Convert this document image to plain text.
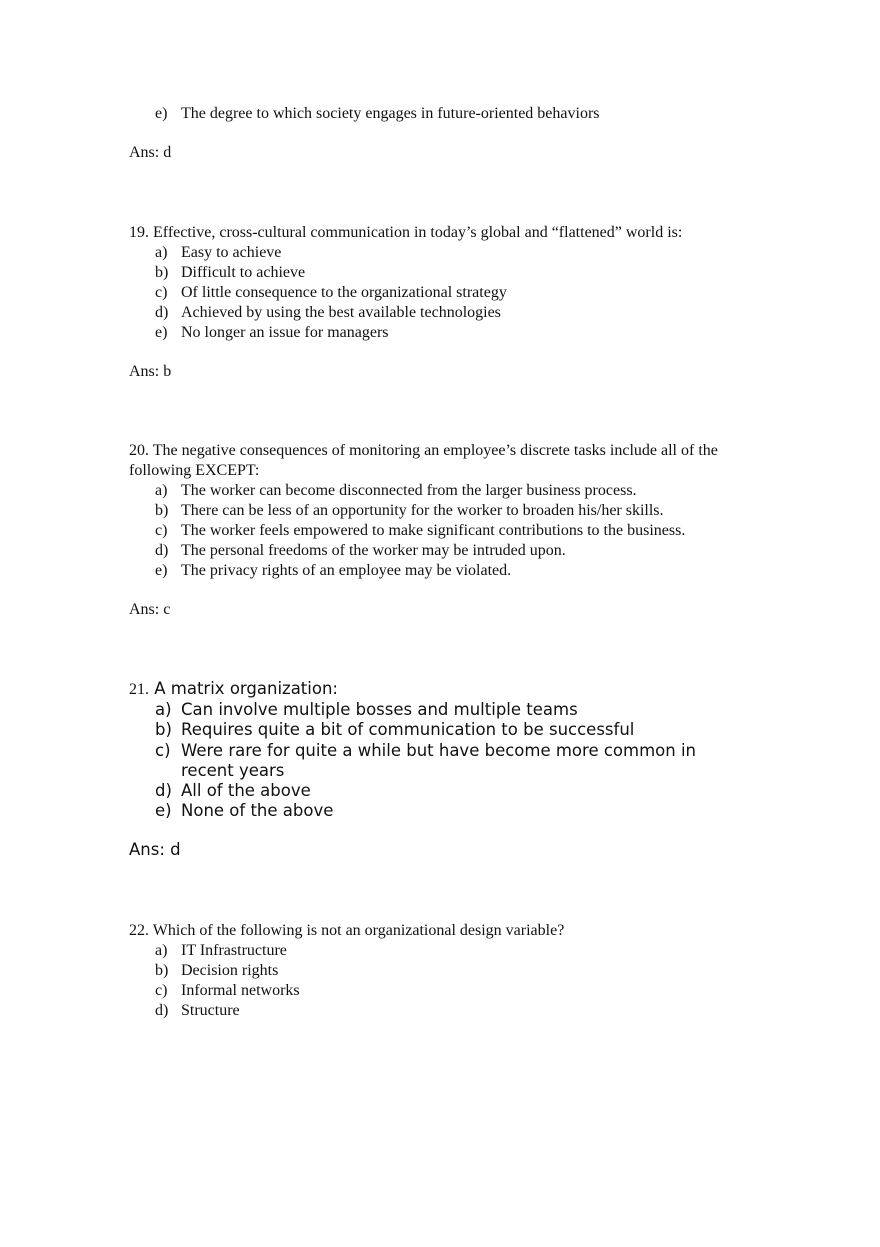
e) The degree to which society engages in future-oriented behaviors
Ans: d

19. Effective, cross-cultural communication in today’s global and “flattened” world is:

a) Easy to achieve
b) Difficult to achieve
c) Of little consequence to the organizational strategy
d) Achieved by using the best available technologies
e) No longer an issue for managers
Ans: b

20. The negative consequences of monitoring an employee’s discrete tasks include all of the following EXCEPT:

a) The worker can become disconnected from the larger business process.
b) There can be less of an opportunity for the worker to broaden his/her skills.
c) The worker feels empowered to make significant contributions to the business.
d) The personal freedoms of the worker may be intruded upon.
e) The privacy rights of an employee may be violated.
Ans: c

21. A matrix organization:

a) Can involve multiple bosses and multiple teams
b) Requires quite a bit of communication to be successful
c) Were rare for quite a while but have become more common in recent years
d) All of the above
e) None of the above
Ans: d

22. Which of the following is not an organizational design variable?

a) IT Infrastructure
b) Decision rights
c) Informal networks
d) Structure
